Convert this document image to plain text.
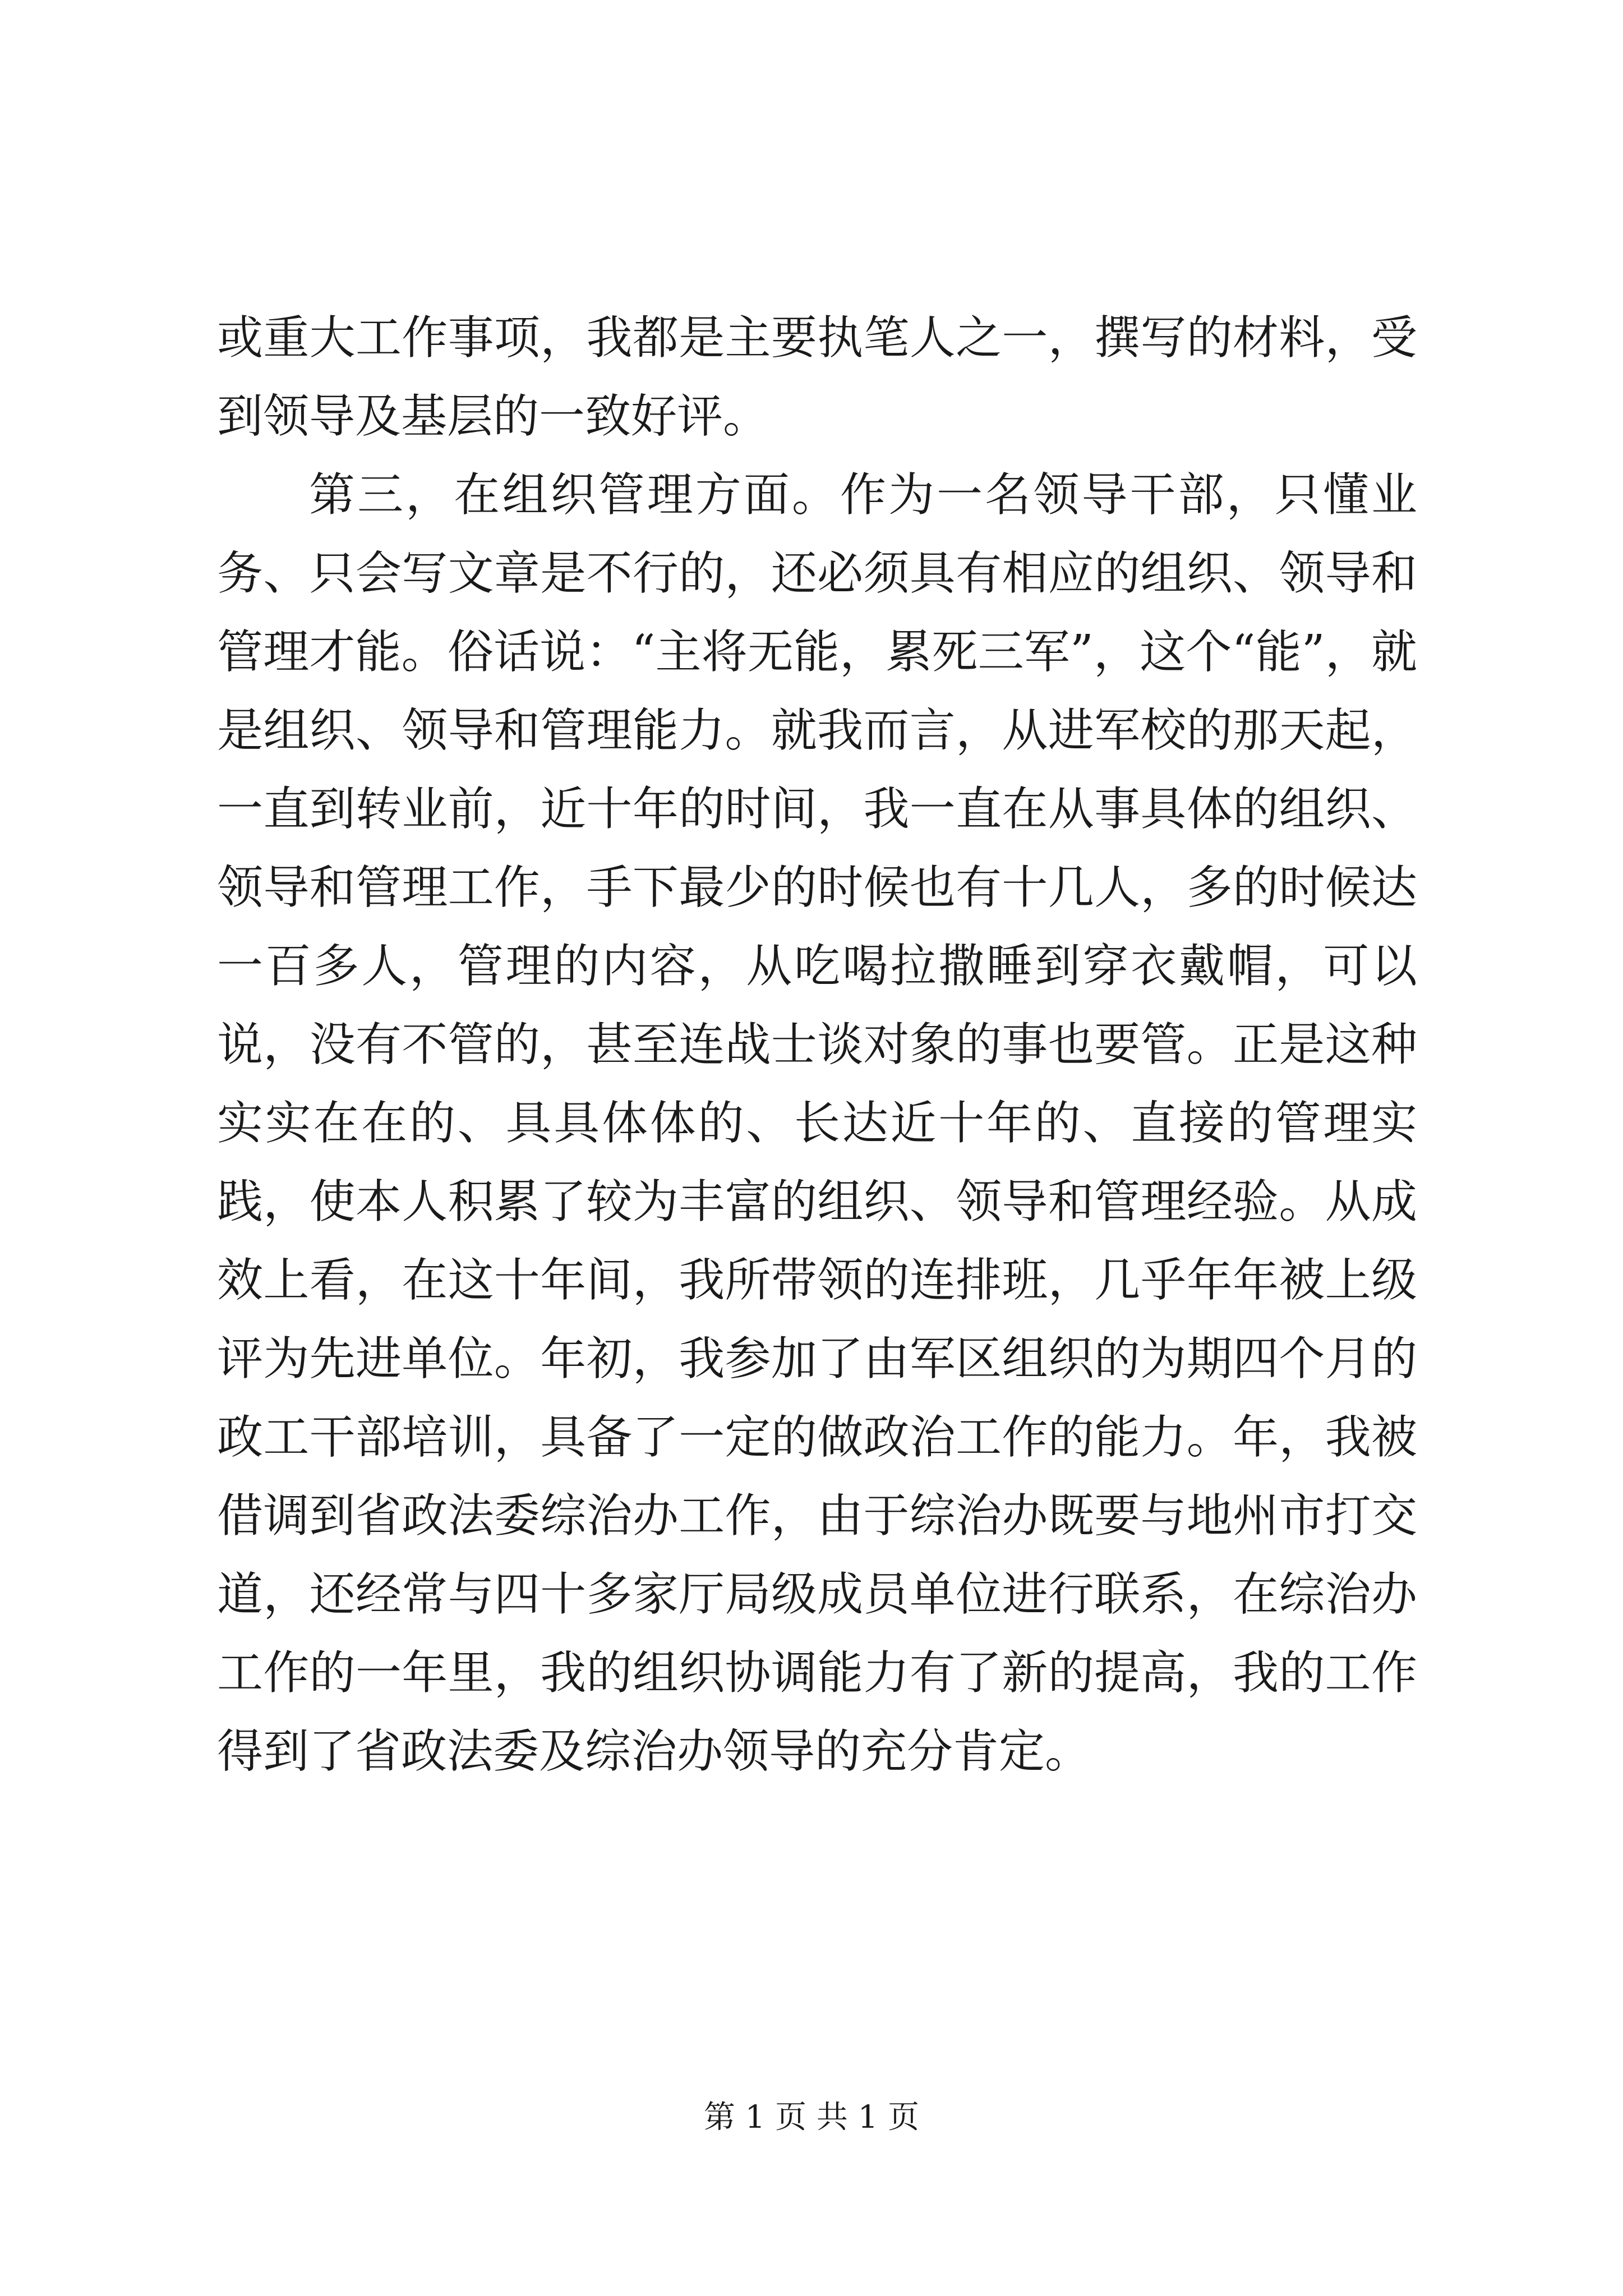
或重大工作事项，我都是主要执笔人之一，撰写的材料，受到领导及基层的一致好评。

第三，在组织管理方面。作为一名领导干部，只懂业务、只会写文章是不行的，还必须具有相应的组织、领导和管理才能。俗话说：“主将无能，累死三军”，这个“能”，就是组织、领导和管理能力。就我而言，从进军校的那天起，一直到转业前，近十年的时间，我一直在从事具体的组织、领导和管理工作，手下最少的时候也有十几人，多的时候达一百多人，管理的内容，从吃喝拉撒睡到穿衣戴帽，可以说，没有不管的，甚至连战士谈对象的事也要管。正是这种实实在在的、具具体体的、长达近十年的、直接的管理实践，使本人积累了较为丰富的组织、领导和管理经验。从成效上看，在这十年间，我所带领的连排班，几乎年年被上级评为先进单位。年初，我参加了由军区组织的为期四个月的政工干部培训，具备了一定的做政治工作的能力。年，我被借调到省政法委综治办工作，由于综治办既要与地州市打交道，还经常与四十多家厅局级成员单位进行联系，在综治办工作的一年里，我的组织协调能力有了新的提高，我的工作得到了省政法委及综治办领导的充分肯定。

第 1 页 共 1 页
